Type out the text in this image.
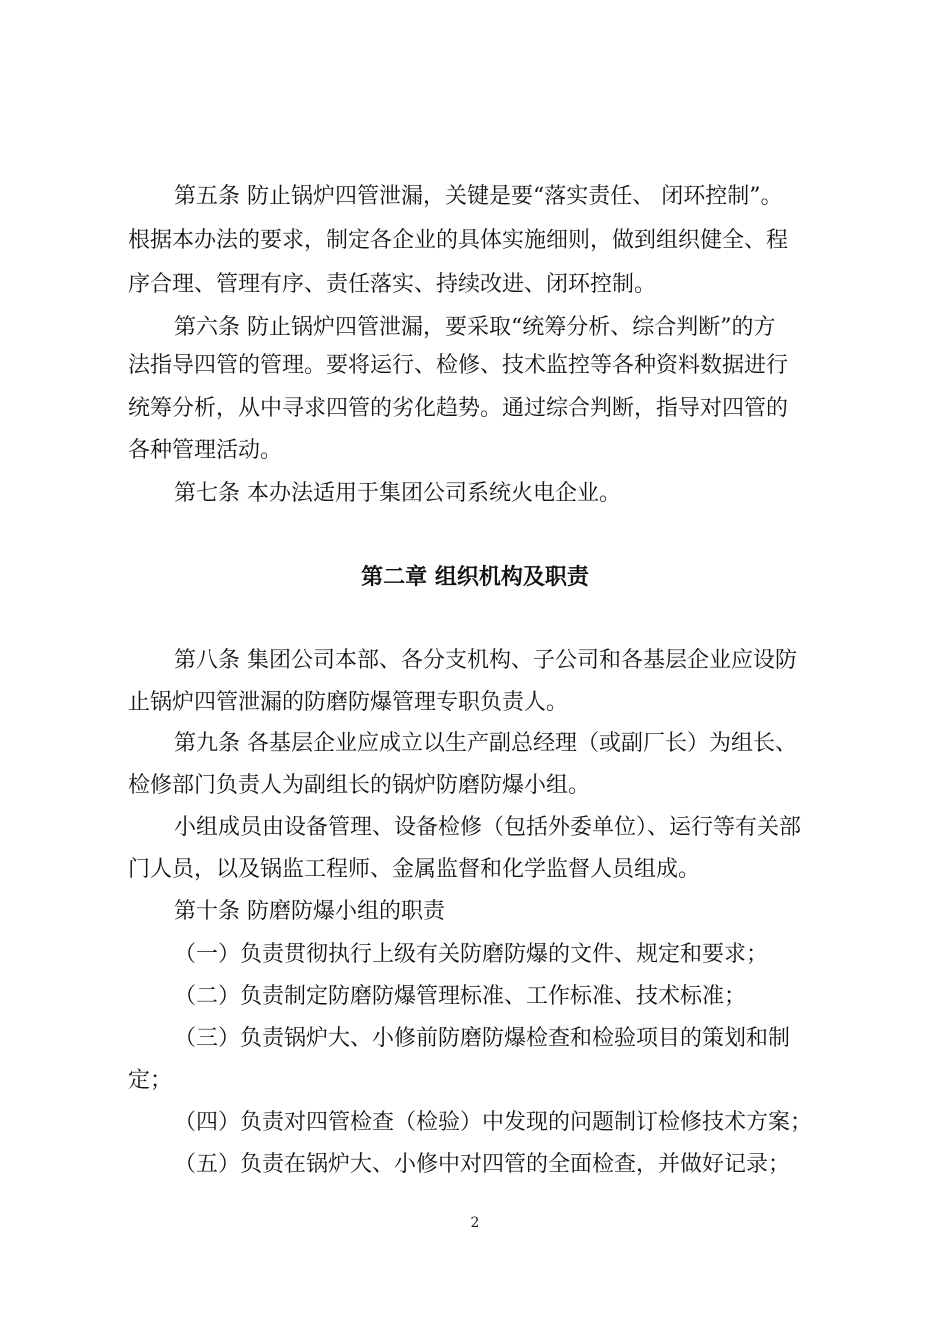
第五条 防止锅炉四管泄漏，关键是要“落实责任、 闭环控制”。
根据本办法的要求，制定各企业的具体实施细则，做到组织健全、程
序合理、管理有序、责任落实、持续改进、闭环控制。
第六条 防止锅炉四管泄漏，要采取“统筹分析、综合判断”的方
法指导四管的管理。要将运行、检修、技术监控等各种资料数据进行
统筹分析，从中寻求四管的劣化趋势。通过综合判断，指导对四管的
各种管理活动。
第七条 本办法适用于集团公司系统火电企业。
第二章 组织机构及职责
第八条 集团公司本部、各分支机构、子公司和各基层企业应设防
止锅炉四管泄漏的防磨防爆管理专职负责人。
第九条 各基层企业应成立以生产副总经理（或副厂长）为组长、
检修部门负责人为副组长的锅炉防磨防爆小组。
小组成员由设备管理、设备检修（包括外委单位）、运行等有关部
门人员，以及锅监工程师、金属监督和化学监督人员组成。
第十条 防磨防爆小组的职责
（一）负责贯彻执行上级有关防磨防爆的文件、规定和要求；
（二）负责制定防磨防爆管理标准、工作标准、技术标准；
（三）负责锅炉大、小修前防磨防爆检查和检验项目的策划和制
定；
（四）负责对四管检查（检验）中发现的问题制订检修技术方案；
（五）负责在锅炉大、小修中对四管的全面检查，并做好记录；
2
